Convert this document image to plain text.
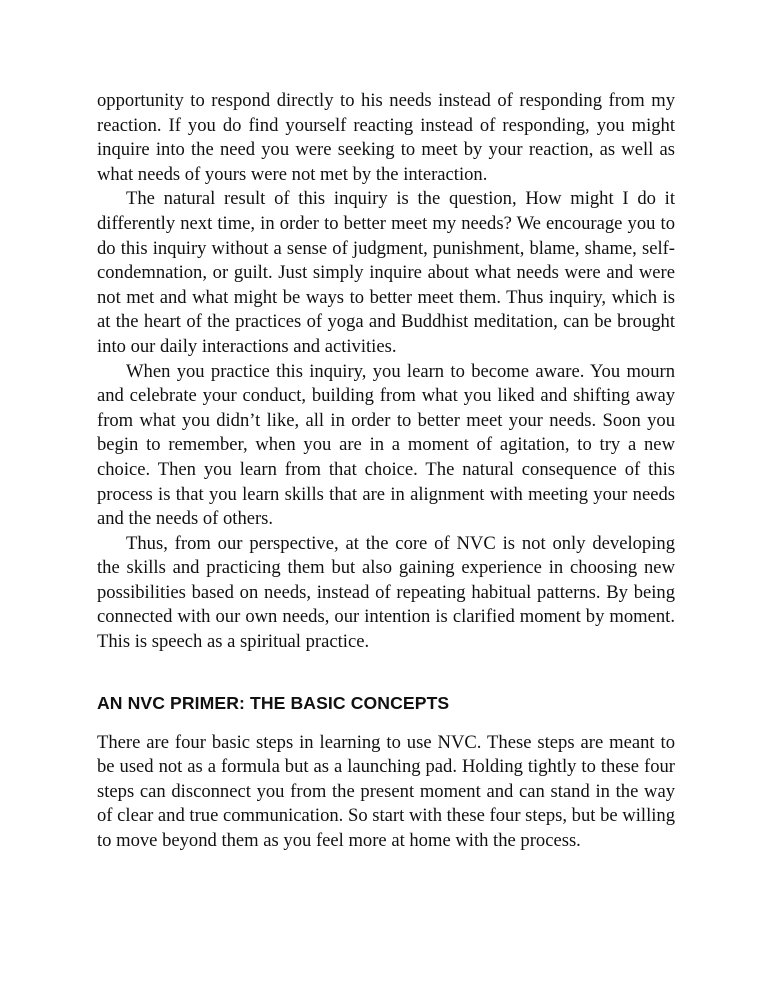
opportunity to respond directly to his needs instead of responding from my reaction. If you do find yourself reacting instead of responding, you might inquire into the need you were seeking to meet by your reaction, as well as what needs of yours were not met by the interaction.

The natural result of this inquiry is the question, How might I do it differently next time, in order to better meet my needs? We encourage you to do this inquiry without a sense of judgment, punishment, blame, shame, self-condemnation, or guilt. Just simply inquire about what needs were and were not met and what might be ways to better meet them. Thus inquiry, which is at the heart of the practices of yoga and Buddhist meditation, can be brought into our daily interactions and activities.

When you practice this inquiry, you learn to become aware. You mourn and celebrate your conduct, building from what you liked and shifting away from what you didn’t like, all in order to better meet your needs. Soon you begin to remember, when you are in a moment of agitation, to try a new choice. Then you learn from that choice. The natural consequence of this process is that you learn skills that are in alignment with meeting your needs and the needs of others.

Thus, from our perspective, at the core of NVC is not only developing the skills and practicing them but also gaining experience in choosing new possibilities based on needs, instead of repeating habitual patterns. By being connected with our own needs, our intention is clarified moment by moment. This is speech as a spiritual practice.

AN NVC PRIMER: THE BASIC CONCEPTS

There are four basic steps in learning to use NVC. These steps are meant to be used not as a formula but as a launching pad. Holding tightly to these four steps can disconnect you from the present moment and can stand in the way of clear and true communication. So start with these four steps, but be willing to move beyond them as you feel more at home with the process.
